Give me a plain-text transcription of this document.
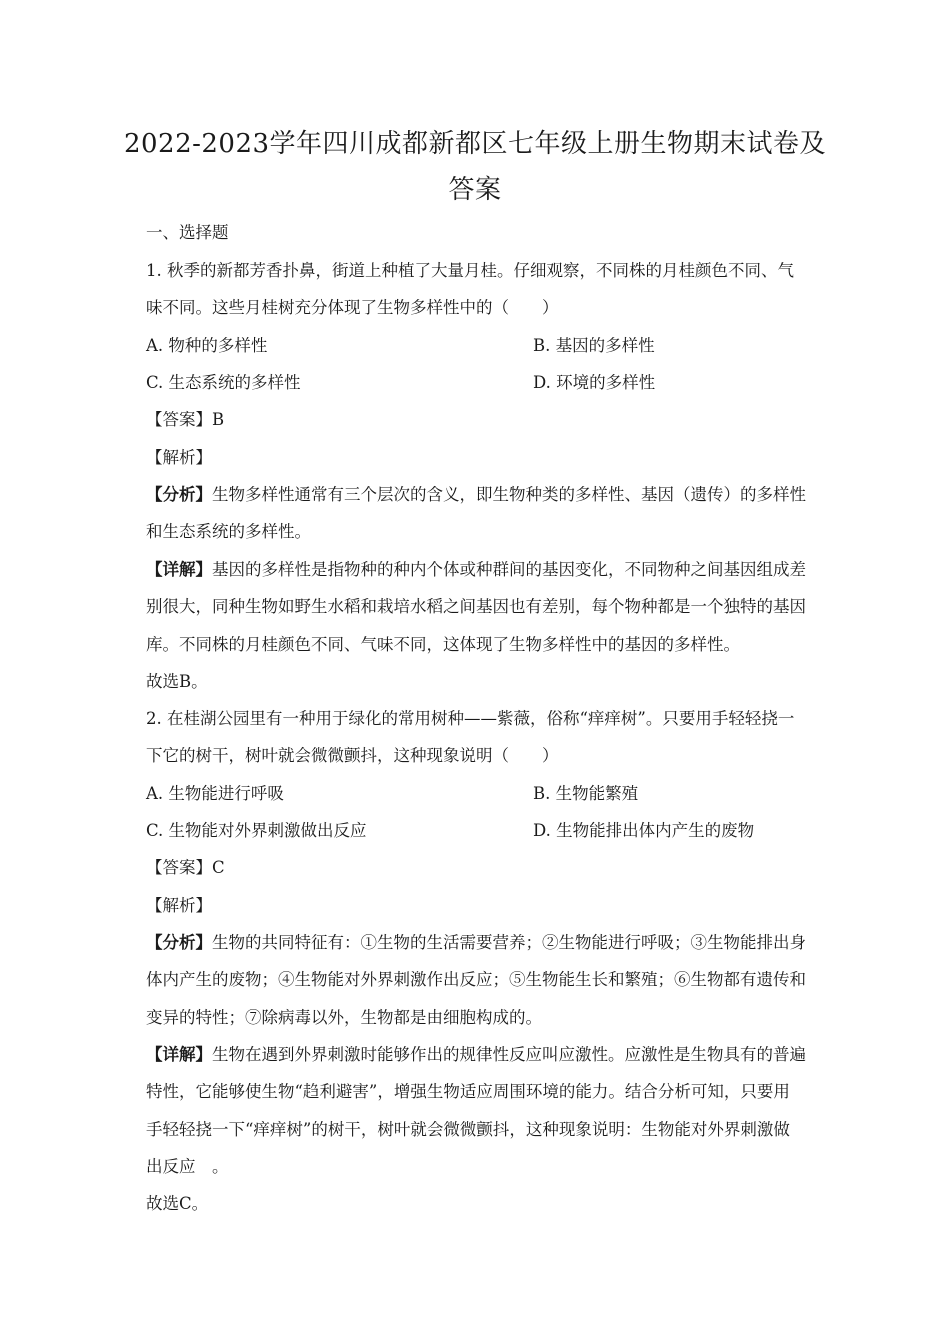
2022-2023学年四川成都新都区七年级上册生物期末试卷及
答案
一、选择题
1. 秋季的新都芳香扑鼻，街道上种植了大量月桂。仔细观察，不同株的月桂颜色不同、气
味不同。这些月桂树充分体现了生物多样性中的（　　）
A. 物种的多样性	B. 基因的多样性
C. 生态系统的多样性	D. 环境的多样性
【答案】B
【解析】
【分析】生物多样性通常有三个层次的含义，即生物种类的多样性、基因（遗传）的多样性
和生态系统的多样性。
【详解】基因的多样性是指物种的种内个体或种群间的基因变化，不同物种之间基因组成差
别很大，同种生物如野生水稻和栽培水稻之间基因也有差别，每个物种都是一个独特的基因
库。不同株的月桂颜色不同、气味不同，这体现了生物多样性中的基因的多样性。
故选B。
2. 在桂湖公园里有一种用于绿化的常用树种——紫薇，俗称“痒痒树”。只要用手轻轻挠一
下它的树干，树叶就会微微颤抖，这种现象说明（　　）
A. 生物能进行呼吸	B. 生物能繁殖
C. 生物能对外界刺激做出反应	D. 生物能排出体内产生的废物
【答案】C
【解析】
【分析】生物的共同特征有：①生物的生活需要营养；②生物能进行呼吸；③生物能排出身
体内产生的废物；④生物能对外界刺激作出反应；⑤生物能生长和繁殖；⑥生物都有遗传和
变异的特性；⑦除病毒以外，生物都是由细胞构成的。
【详解】生物在遇到外界刺激时能够作出的规律性反应叫应激性。应激性是生物具有的普遍
特性，它能够使生物“趋利避害”，增强生物适应周围环境的能力。结合分析可知，只要用
手轻轻挠一下“痒痒树”的树干，树叶就会微微颤抖，这种现象说明：生物能对外界刺激做
出反应　。
故选C。
